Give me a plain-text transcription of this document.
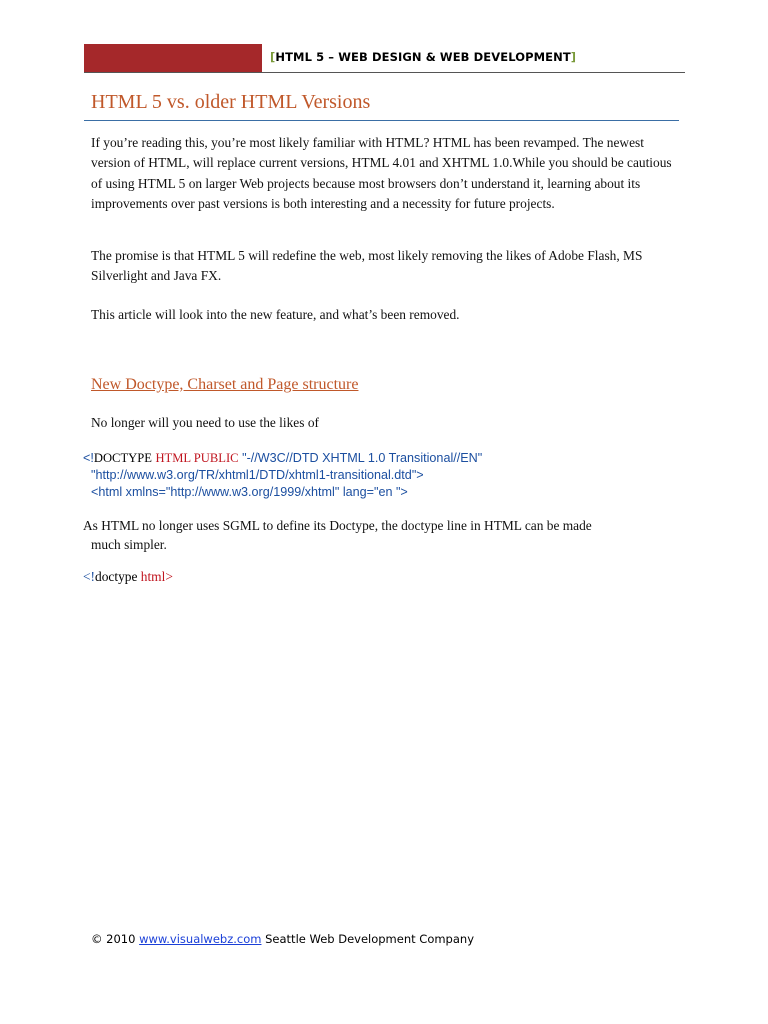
[HTML 5 – WEB DESIGN & WEB DEVELOPMENT]
HTML 5 vs. older HTML Versions
If you’re reading this, you’re most likely familiar with HTML? HTML has been revamped. The newest version of HTML, will replace current versions, HTML 4.01 and XHTML 1.0.While you should be cautious of using HTML 5 on larger Web projects because most browsers don’t understand it, learning about its improvements over past versions is both interesting and a necessity for future projects.
The promise is that HTML 5 will redefine the web, most likely removing the likes of Adobe Flash, MS Silverlight and Java FX.
This article will look into the new feature, and what’s been removed.
New Doctype, Charset and Page structure
No longer will you need to use the likes of
<!DOCTYPE HTML PUBLIC "-//W3C//DTD XHTML 1.0 Transitional//EN"
"http://www.w3.org/TR/xhtml1/DTD/xhtml1-transitional.dtd">
<html xmlns="http://www.w3.org/1999/xhtml" lang="en ">
As HTML no longer uses SGML to define its Doctype, the doctype line in HTML can be made
much simpler.
<!doctype html>
© 2010 www.visualwebz.com Seattle Web Development Company
